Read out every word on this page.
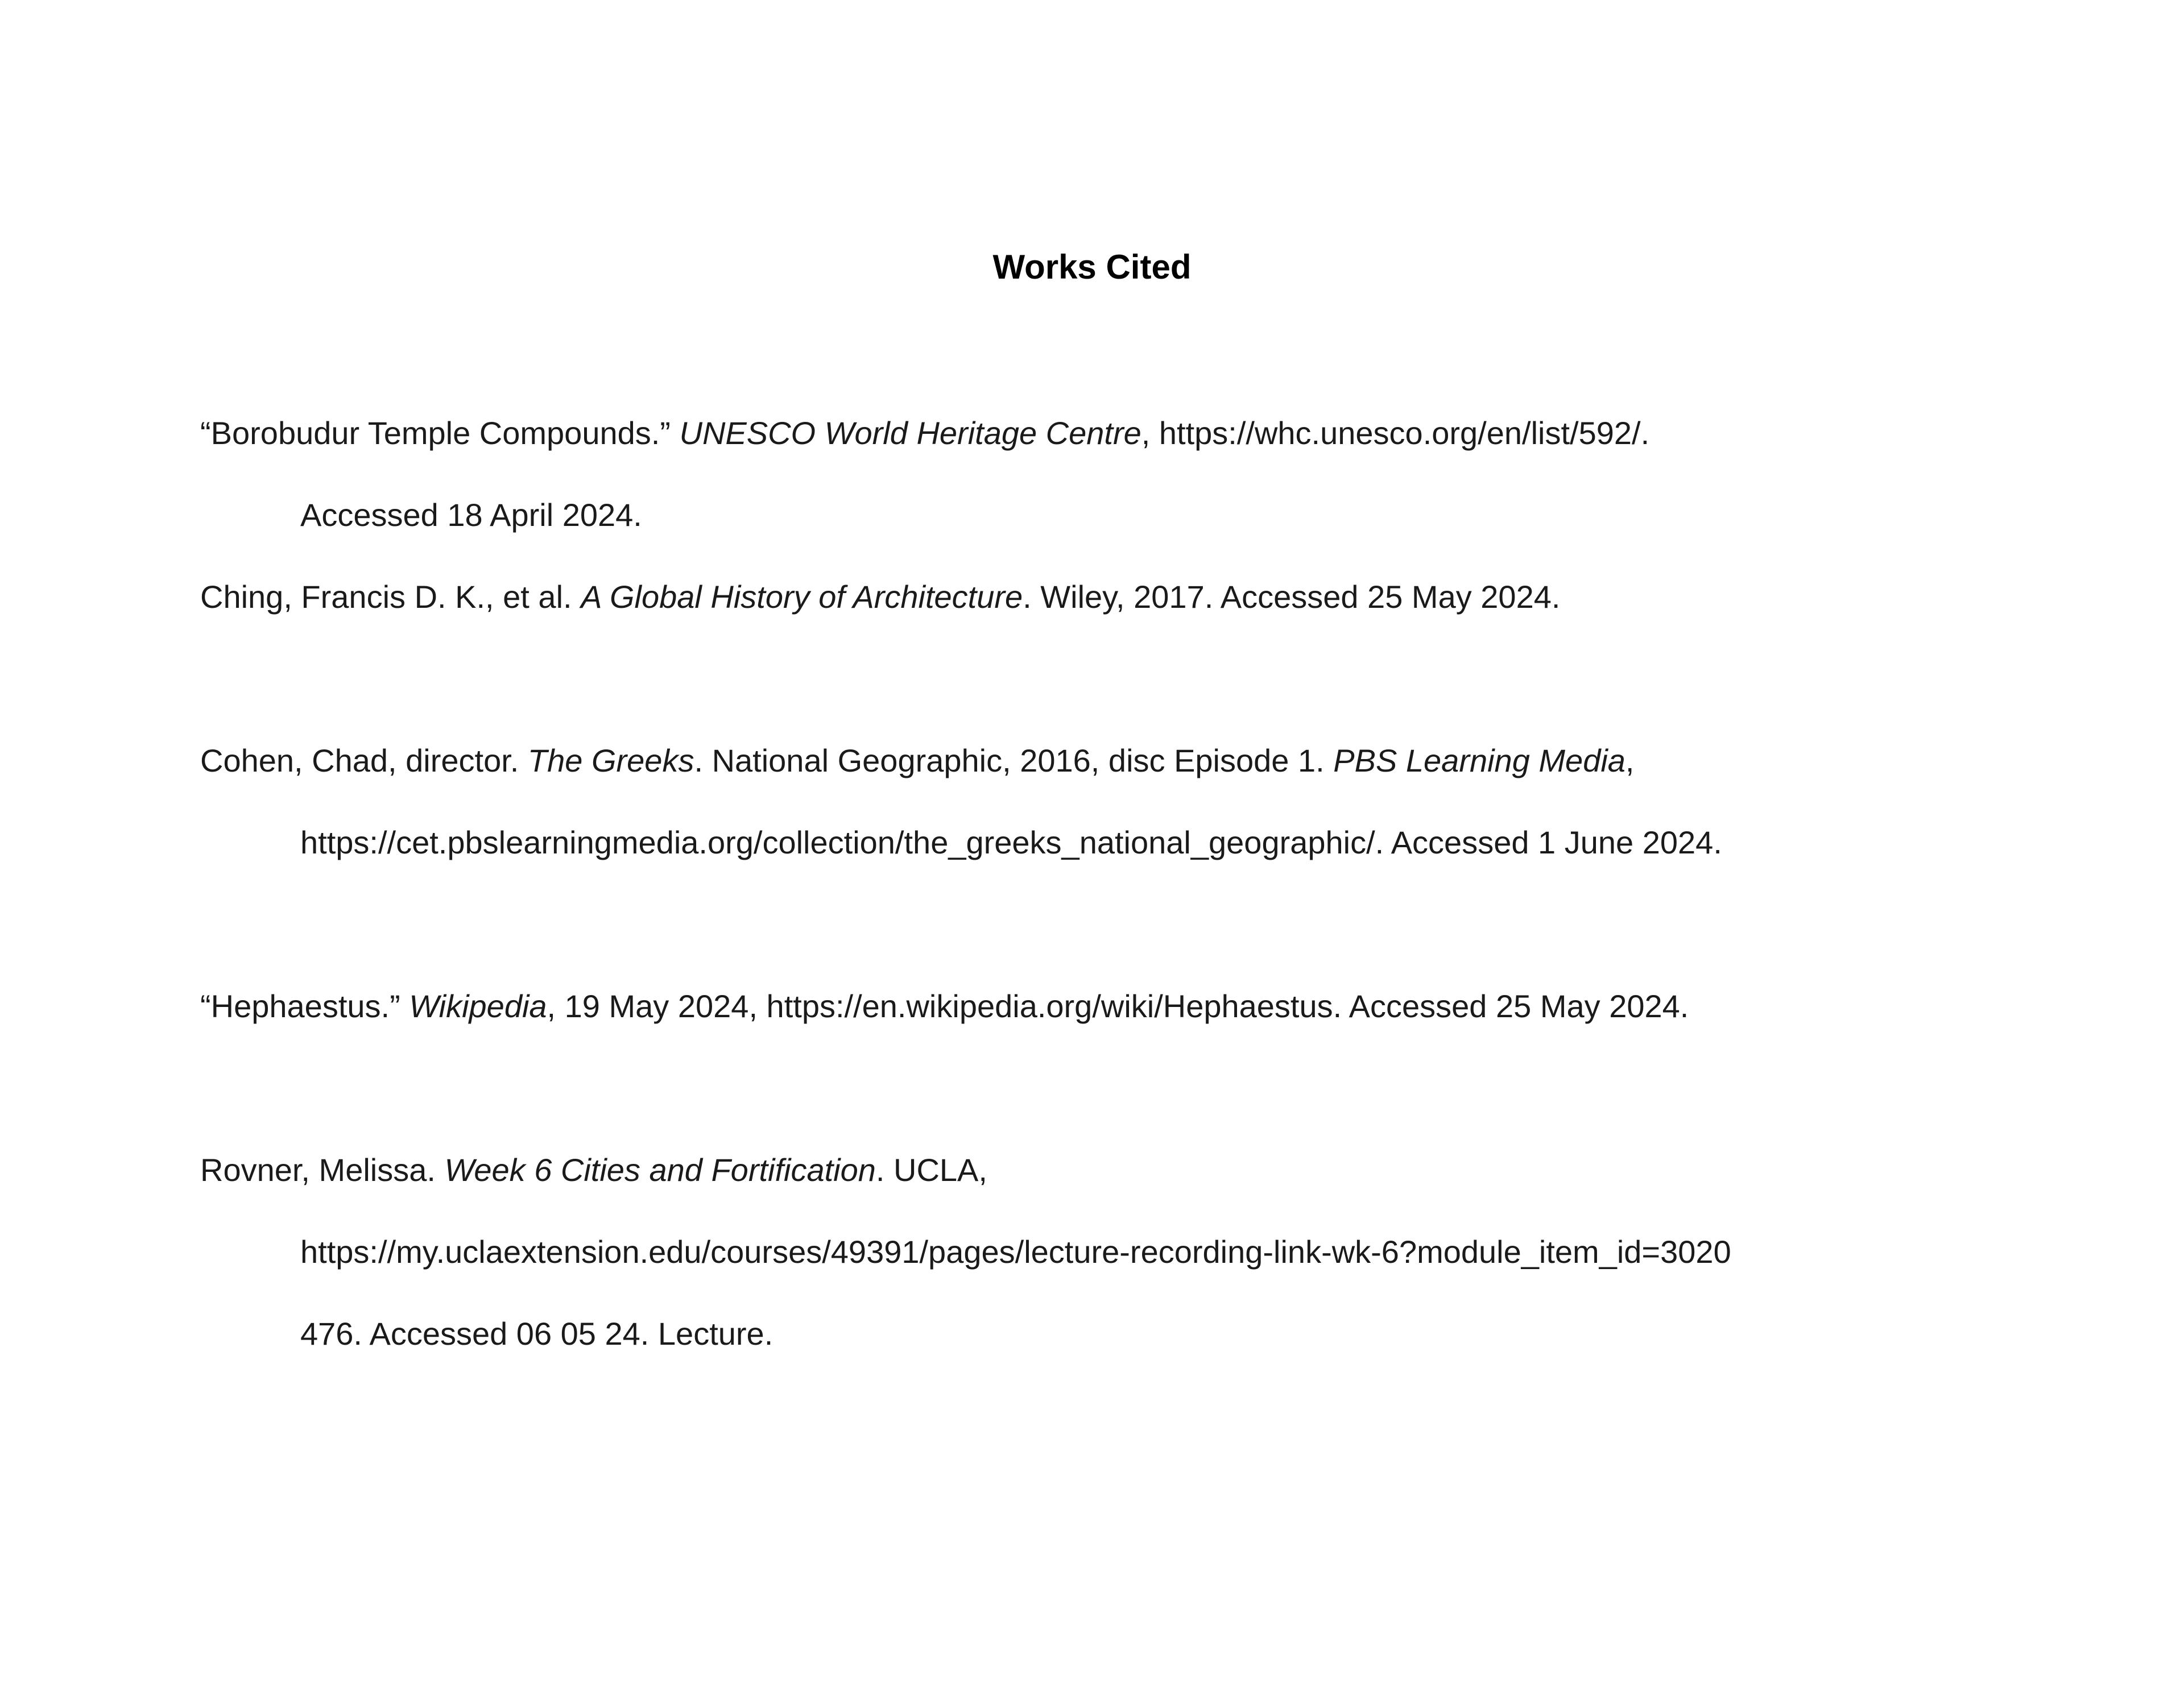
Works Cited
“Borobudur Temple Compounds.” UNESCO World Heritage Centre, https://whc.unesco.org/en/list/592/.
Accessed 18 April 2024.
Ching, Francis D. K., et al. A Global History of Architecture. Wiley, 2017. Accessed 25 May 2024.
Cohen, Chad, director. The Greeks. National Geographic, 2016, disc Episode 1. PBS Learning Media,
https://cet.pbslearningmedia.org/collection/the_greeks_national_geographic/. Accessed 1 June 2024.
“Hephaestus.” Wikipedia, 19 May 2024, https://en.wikipedia.org/wiki/Hephaestus. Accessed 25 May 2024.
Rovner, Melissa. Week 6 Cities and Fortification. UCLA,
https://my.uclaextension.edu/courses/49391/pages/lecture-recording-link-wk-6?module_item_id=3020
476. Accessed 06 05 24. Lecture.
